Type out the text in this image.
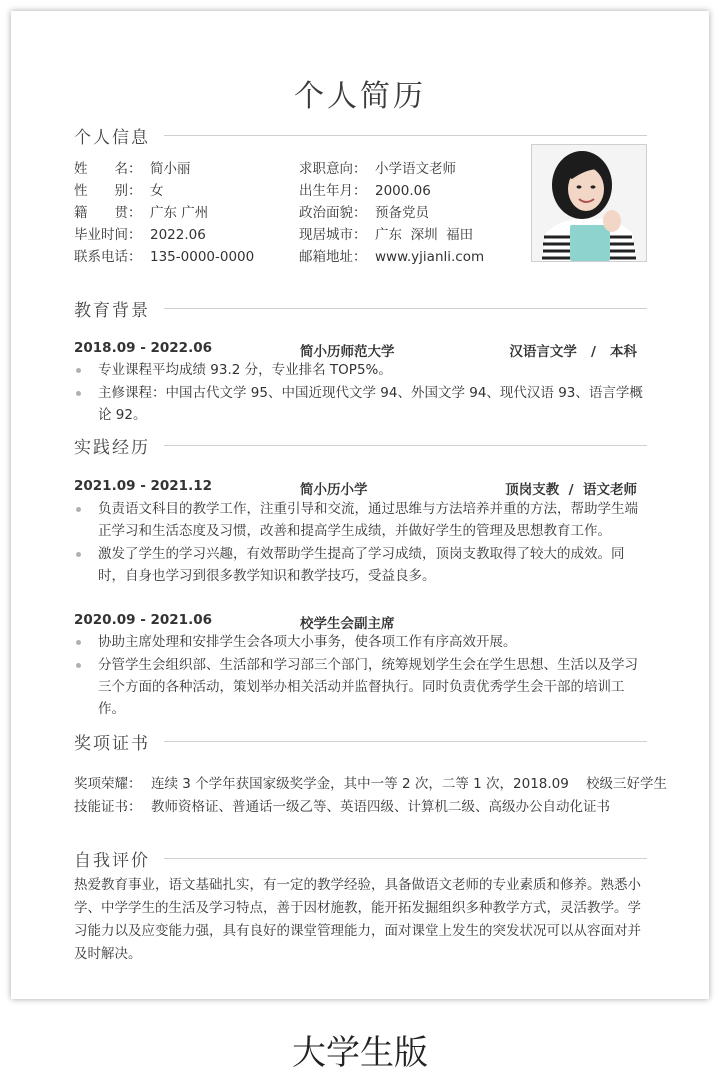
个人简历
个人信息
姓　　名： 简小丽
性　　别： 女
籍　　贯： 广东 广州
毕业时间： 2022.06
联系电话： 135-0000-0000
求职意向： 小学语文老师
出生年月： 2000.06
政治面貌： 预备党员
现居城市： 广东  深圳  福田
邮箱地址： www.yjianli.com
教育背景
2018.09 - 2022.06	简小历师范大学	汉语言文学   /   本科
专业课程平均成绩 93.2 分，专业排名 TOP5%。
主修课程：中国古代文学 95、中国近现代文学 94、外国文学 94、现代汉语 93、语言学概论 92。
实践经历
2021.09 - 2021.12	简小历小学	顶岗支教  /  语文老师
负责语文科目的教学工作，注重引导和交流，通过思维与方法培养并重的方法，帮助学生端正学习和生活态度及习惯，改善和提高学生成绩，并做好学生的管理及思想教育工作。
激发了学生的学习兴趣，有效帮助学生提高了学习成绩，顶岗支教取得了较大的成效。同时，自身也学习到很多教学知识和教学技巧，受益良多。
2020.09 - 2021.06	校学生会副主席
协助主席处理和安排学生会各项大小事务，使各项工作有序高效开展。
分管学生会组织部、生活部和学习部三个部门，统筹规划学生会在学生思想、生活以及学习三个方面的各种活动，策划举办相关活动并监督执行。同时负责优秀学生会干部的培训工作。
奖项证书
奖项荣耀： 连续 3 个学年获国家级奖学金，其中一等 2 次，二等 1 次，2018.09    校级三好学生
技能证书： 教师资格证、普通话一级乙等、英语四级、计算机二级、高级办公自动化证书
自我评价
热爱教育事业，语文基础扎实，有一定的教学经验，具备做语文老师的专业素质和修养。熟悉小学、中学学生的生活及学习特点，善于因材施教，能开拓发掘组织多种教学方式，灵活教学。学习能力以及应变能力强，具有良好的课堂管理能力，面对课堂上发生的突发状况可以从容面对并及时解决。
大学生版
